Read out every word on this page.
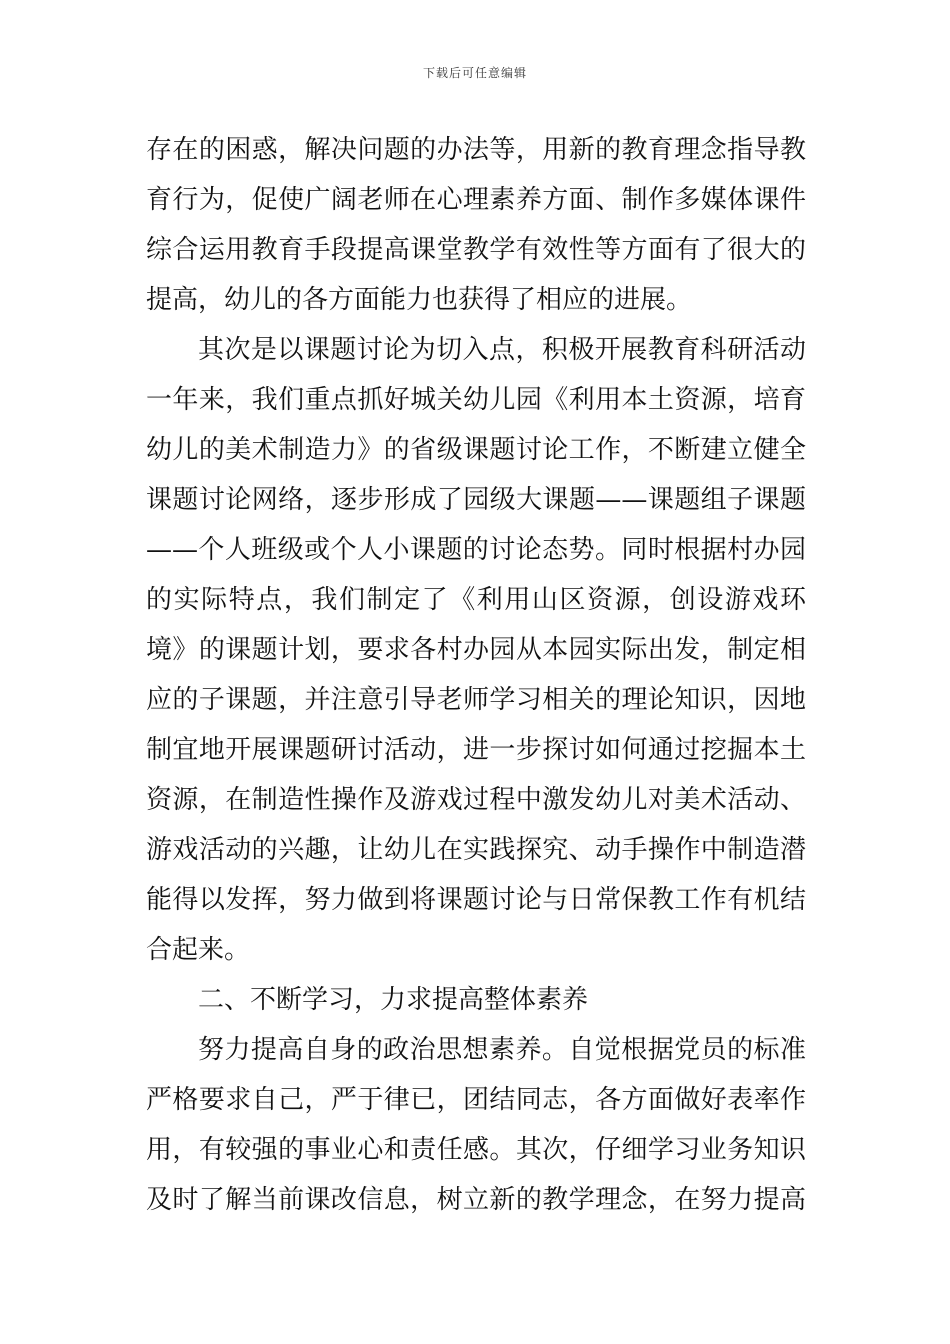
下载后可任意编辑
存在的困惑，解决问题的办法等，用新的教育理念指导教
育行为，促使广阔老师在心理素养方面、制作多媒体课件
综合运用教育手段提高课堂教学有效性等方面有了很大的
提高，幼儿的各方面能力也获得了相应的进展。
其次是以课题讨论为切入点，积极开展教育科研活动
一年来，我们重点抓好城关幼儿园《利用本土资源，培育
幼儿的美术制造力》的省级课题讨论工作，不断建立健全
课题讨论网络，逐步形成了园级大课题——课题组子课题
——个人班级或个人小课题的讨论态势。同时根据村办园
的实际特点，我们制定了《利用山区资源，创设游戏环
境》的课题计划，要求各村办园从本园实际出发，制定相
应的子课题，并注意引导老师学习相关的理论知识，因地
制宜地开展课题研讨活动，进一步探讨如何通过挖掘本土
资源，在制造性操作及游戏过程中激发幼儿对美术活动、
游戏活动的兴趣，让幼儿在实践探究、动手操作中制造潜
能得以发挥，努力做到将课题讨论与日常保教工作有机结
合起来。
二、不断学习，力求提高整体素养
努力提高自身的政治思想素养。自觉根据党员的标准
严格要求自己，严于律已，团结同志，各方面做好表率作
用，有较强的事业心和责任感。其次，仔细学习业务知识
及时了解当前课改信息，树立新的教学理念，在努力提高
